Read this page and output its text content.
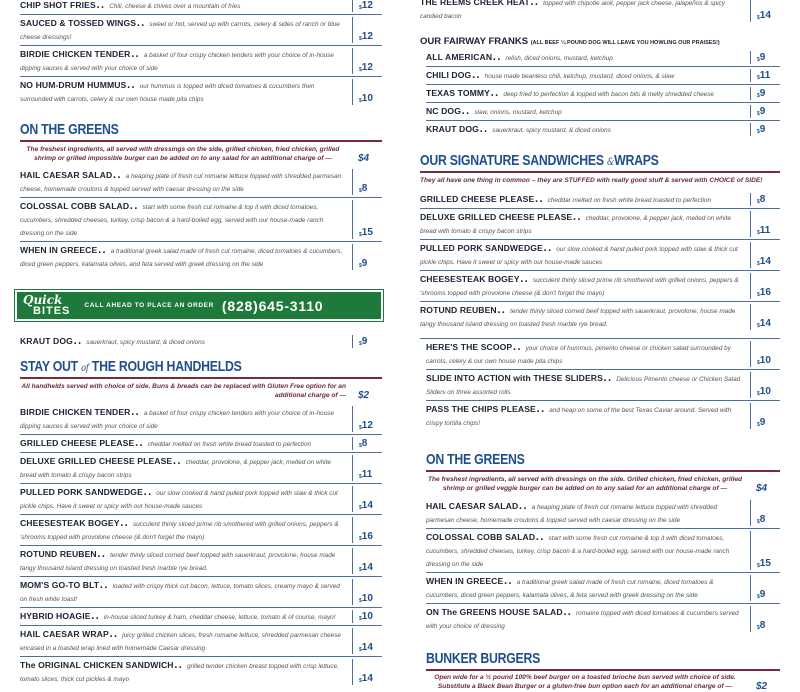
CHIP SHOT FRIES.. Chili, cheese & chives over a mountain of fries	$ 12
SAUCED & TOSSED WINGS.. sweet or hot, served up with carrots, celery & sides of ranch or blue cheese dressings!	$ 12
BIRDIE CHICKEN TENDER.. a basket of four crispy chicken tenders with your choice of in-house dipping sauces & served with your choice of side	$ 12
NO HUM-DRUM HUMMUS.. our hummus is topped with diced tomatoes & cucumbers then surrounded with carrots, celery & our own house made pita chips	$ 10
ON THE GREENS
The freshest ingredients, all served with dressings on the side, grilled chicken, fried chicken, grilled shrimp or grilled impossible burger can be added on to any salad for an additional charge of —	$4
HAIL CAESAR SALAD.. a heaping plate of fresh cut romaine lettuce topped with shredded parmesan cheese, homemade croutons & topped served with caesar dressing on the side	$ 8
COLOSSAL COBB SALAD.. start with some fresh cut romaine & top it with diced tomatoes, cucumbers, shredded cheeses, turkey, crisp bacon & a hard-boiled egg, served with our house-made ranch dressing on the side	$ 15
WHEN IN GREECE.. a traditional greek salad made of fresh cut romaine, diced tomatoes & cucumbers, diced green peppers, kalamata olives, and feta served with greek dressing on the side	$ 9
Quick
BITES CALL AHEAD TO PLACE AN ORDER (828)645-3110
KRAUT DOG.. sauerkraut, spicy mustard, & diced onions	$ 9
STAY OUT of THE ROUGH HANDHELDS
All handhelds served with choice of side. Buns & breads can be replaced with Gluten Free option for an additional charge of —	$2
BIRDIE CHICKEN TENDER.. a basket of four crispy chicken tenders with your choice of in-house dipping sauces & served with your choice of side	$ 12
GRILLED CHEESE PLEASE.. cheddar melted on fresh white bread toasted to perfection	$ 8
DELUXE GRILLED CHEESE PLEASE.. cheddar, provolone, & pepper jack, melted on white bread with tomato & crispy bacon strips	$ 11
PULLED PORK SANDWEDGE.. our slow cooked & hand pulled pork topped with slaw & thick cut pickle chips. Have it sweet or spicy with our house-made sauces	$ 14
CHEESESTEAK BOGEY.. succulent thinly sliced prime rib smothered with grilled onions, peppers & 'shrooms topped with provolone cheese (& don't forget the mayo)	$ 16
ROTUND REUBEN.. tender thinly sliced corned beef topped with sauerkraut, provolone, house made tangy thousand island dressing on toasted fresh marble rye bread.	$ 14
MOM'S GO-TO BLT.. loaded with crispy thick cut bacon, lettuce, tomato slices, creamy mayo & served on fresh white toast!	$ 10
HYBRID HOAGIE.. in-house sliced turkey & ham, cheddar cheese, lettuce, tomato & of course, mayo!	$ 10
HAIL CAESAR WRAP.. juicy grilled chicken slices, fresh romaine lettuce, shredded parmesan cheese encased in a toasted wrap lined with homemade Caesar dressing	$ 14
The ORIGINAL CHICKEN SANDWICH.. grilled tender chicken breast topped with crisp lettuce, tomato slices, thick cut pickles & mayo	$ 14
THE REEMS CREEK HEAT.. topped with chipotle aioli, pepper jack cheese, jalapeños & spicy candied bacon	$ 14
OUR FAIRWAY FRANKS (ALL BEEF ¼ POUND DOG WILL LEAVE YOU HOWLING OUR PRAISES!)
ALL AMERICAN.. relish, diced onions, mustard, ketchup	$ 9
CHILI DOG.. house made beanless chili, ketchup, mustard, diced onions, & slaw	$ 11
TEXAS TOMMY.. deep fried to perfection & topped with bacon bits & melty shredded cheese	$ 9
NC DOG.. slaw, onions, mustard, ketchup	$ 9
KRAUT DOG.. sauerkraut, spicy mustard, & diced onions	$ 9
OUR SIGNATURE SANDWICHES &WRAPS
They all have one thing in common – they are STUFFED with really good stuff & served with CHOICE of SIDE!
GRILLED CHEESE PLEASE.. cheddar melted on fresh white bread toasted to perfection	$ 8
DELUXE GRILLED CHEESE PLEASE.. cheddar, provolone, & pepper jack, melted on white bread with tomato & crispy bacon strips	$ 11
PULLED PORK SANDWEDGE.. our slow cooked & hand pulled pork topped with slaw & thick cut pickle chips. Have it sweet or spicy with our house-made sauces	$ 14
CHEESESTEAK BOGEY.. succulent thinly sliced prime rib smothered with grilled onions, peppers & 'shrooms topped with provolone cheese (& don't forget the mayo)	$ 16
ROTUND REUBEN.. tender thinly sliced corned beef topped with sauerkraut, provolone, house made tangy thousand island dressing on toasted fresh marble rye bread.	$ 14
HERE'S THE SCOOP.. your choice of hummus, pimento cheese or chicken salad surrounded by carrots, celery & our own house made pita chips	$ 10
SLIDE INTO ACTION with THESE SLIDERS.. Delicious Pimento cheese or Chicken Salad Sliders on three assorted rolls	$ 10
PASS THE CHIPS PLEASE.. and heap on some of the best Texas Caviar around. Served with crispy tortilla chips!	$ 9
ON THE GREENS
The freshest ingredients, all served with dressings on the side. Grilled chicken, fried chicken, grilled shrimp or grilled veggie burger can be added on to any salad for an additional charge of —	$4
HAIL CAESAR SALAD.. a heaping plate of fresh cut romaine lettuce topped with shredded parmesan cheese, homemade croutons & topped served with caesar dressing on the side	$ 8
COLOSSAL COBB SALAD.. start with some fresh cut romaine & top it with diced tomatoes, cucumbers, shredded cheeses, turkey, crisp bacon & a hard-boiled egg, served with our house-made ranch dressing on the side	$ 15
WHEN IN GREECE.. a traditional greek salad made of fresh cut romaine, diced tomatoes & cucumbers, diced green peppers, kalamata olives, & feta served with greek dressing on the side	$ 9
ON The GREENS HOUSE SALAD.. romaine topped with diced tomatoes & cucumbers served with your choice of dressing	$ 8
BUNKER BURGERS
Open wide for a ½ pound 100% beef burger on a toasted brioche bun served with choice of side. Substitute a Black Bean Burger or a gluten-free bun option each for an additional charge of —	$2
